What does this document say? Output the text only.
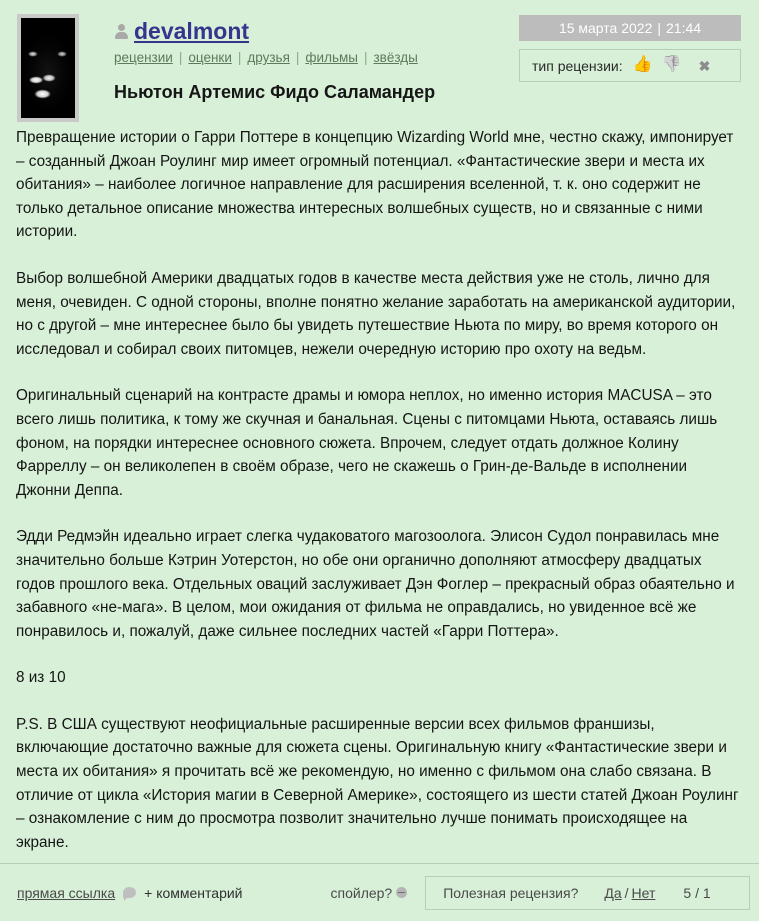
devalmont
рецензии | оценки | друзья | фильмы | звёзды
Ньютон Артемис Фидо Саламандер
15 марта 2022 | 21:44
тип рецензии: 👍 👎	✖

Превращение истории о Гарри Поттере в концепцию Wizarding World мне, честно скажу, импонирует – созданный Джоан Роулинг мир имеет огромный потенциал. «Фантастические звери и места их обитания» – наиболее логичное направление для расширения вселенной, т. к. оно содержит не только детальное описание множества интересных волшебных существ, но и связанные с ними истории.

Выбор волшебной Америки двадцатых годов в качестве места действия уже не столь, лично для меня, очевиден. С одной стороны, вполне понятно желание заработать на американской аудитории, но с другой – мне интереснее было бы увидеть путешествие Ньюта по миру, во время которого он исследовал и собирал своих питомцев, нежели очередную историю про охоту на ведьм.

Оригинальный сценарий на контрасте драмы и юмора неплох, но именно история MACUSA – это всего лишь политика, к тому же скучная и банальная. Сцены с питомцами Ньюта, оставаясь лишь фоном, на порядки интереснее основного сюжета. Впрочем, следует отдать должное Колину Фарреллу – он великолепен в своём образе, чего не скажешь о Грин-де-Вальде в исполнении Джонни Деппа.

Эдди Редмэйн идеально играет слегка чудаковатого магозоолога. Элисон Судол понравилась мне значительно больше Кэтрин Уотерстон, но обе они органично дополняют атмосферу двадцатых годов прошлого века. Отдельных оваций заслуживает Дэн Фоглер – прекрасный образ обаятельно и забавного «не-мага». В целом, мои ожидания от фильма не оправдались, но увиденное всё же понравилось и, пожалуй, даже сильнее последних частей «Гарри Поттера».

8 из 10

P.S. В США существуют неофициальные расширенные версии всех фильмов франшизы, включающие достаточно важные для сюжета сцены. Оригинальную книгу «Фантастические звери и места их обитания» я прочитать всё же рекомендую, но именно с фильмом она слабо связана. В отличие от цикла «История магии в Северной Америке», состоящего из шести статей Джоан Роулинг – ознакомление с ним до просмотра позволит значительно лучше понимать происходящее на экране.

прямая ссылка + комментарий	спойлер?	Полезная рецензия? Да / Нет 5 / 1
